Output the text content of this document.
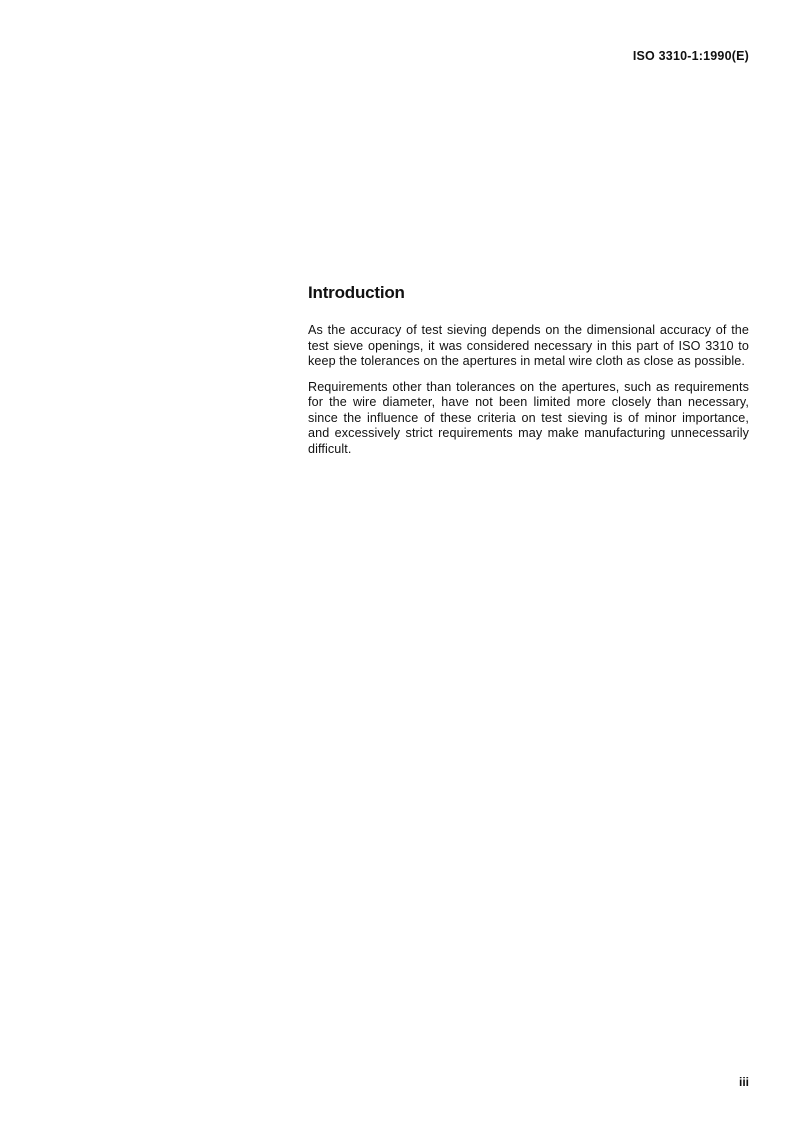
ISO 3310-1:1990(E)
Introduction

As the accuracy of test sieving depends on the dimensional accuracy of the test sieve openings, it was considered necessary in this part of ISO 3310 to keep the tolerances on the apertures in metal wire cloth as close as possible.

Requirements other than tolerances on the apertures, such as requirements for the wire diameter, have not been limited more closely than necessary, since the influence of these criteria on test sieving is of minor importance, and excessively strict requirements may make manufacturing unnecessarily difficult.

iii
